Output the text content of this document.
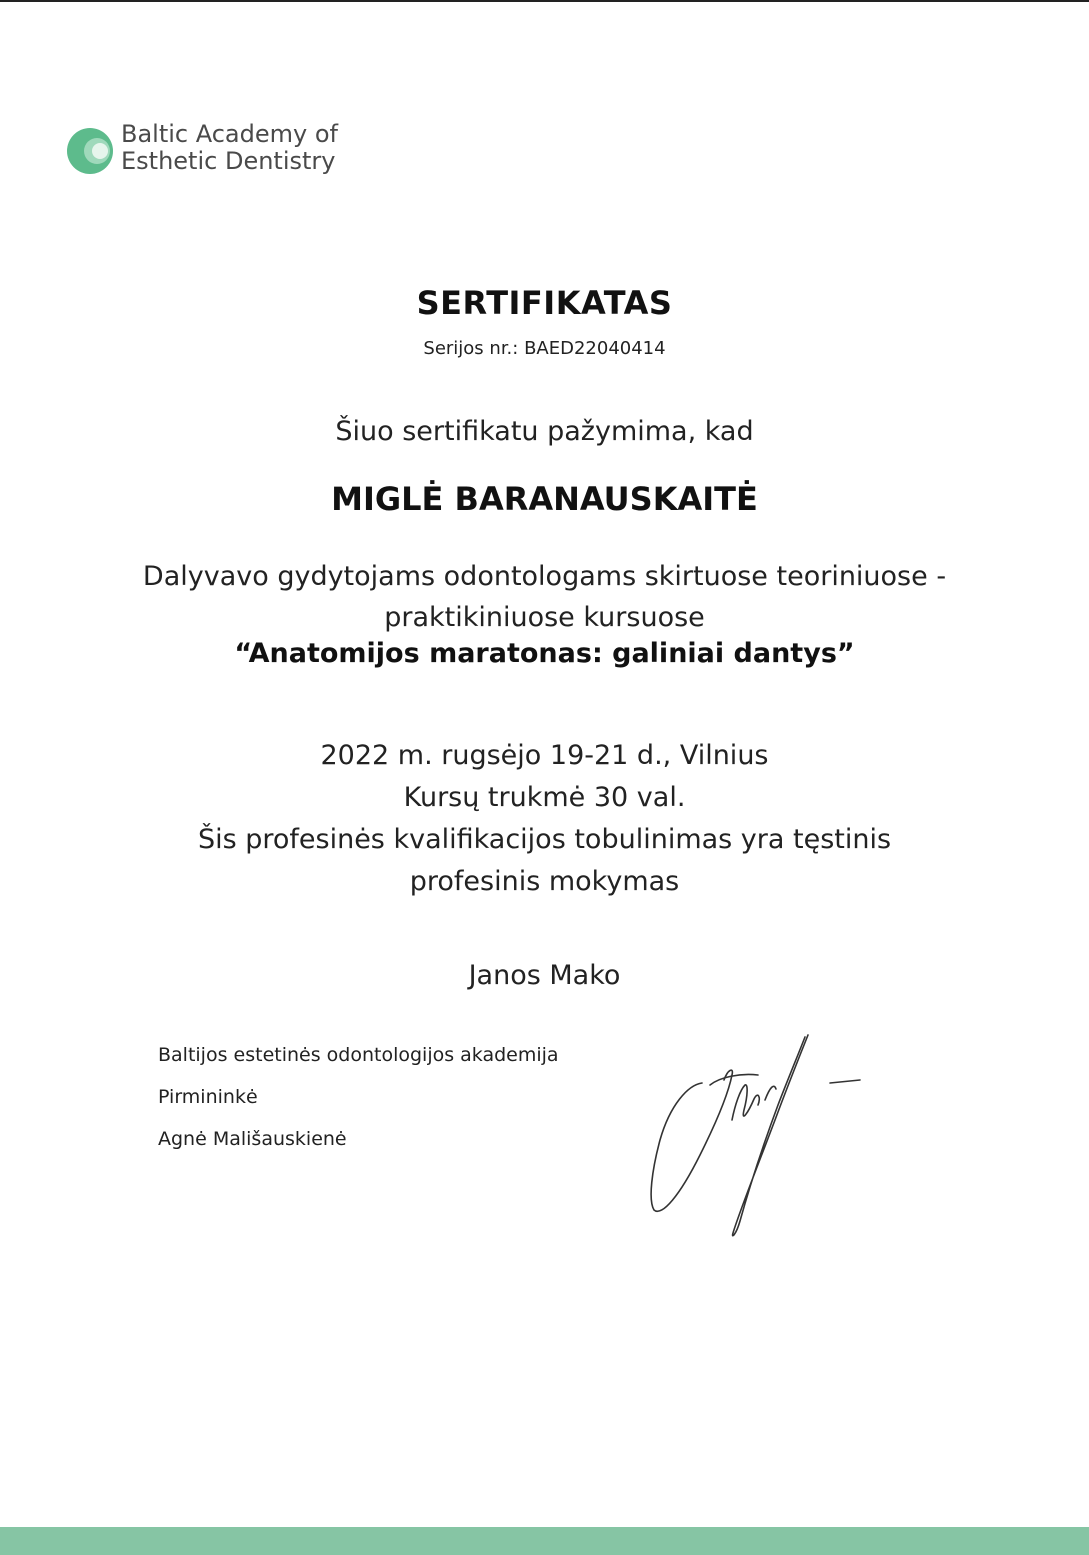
Baltic Academy of
Esthetic Dentistry
SERTIFIKATAS
Serijos nr.: BAED22040414
Šiuo sertifikatu pažymima, kad
MIGLĖ BARANAUSKAITĖ
Dalyvavo gydytojams odontologams skirtuose teoriniuose -
praktikiniuose kursuose
“Anatomijos maratonas: galiniai dantys”
2022 m. rugsėjo 19-21 d., Vilnius
Kursų trukmė 30 val.
Šis profesinės kvalifikacijos tobulinimas yra tęstinis
profesinis mokymas
Janos Mako
Baltijos estetinės odontologijos akademija
Pirmininkė
Agnė Mališauskienė
